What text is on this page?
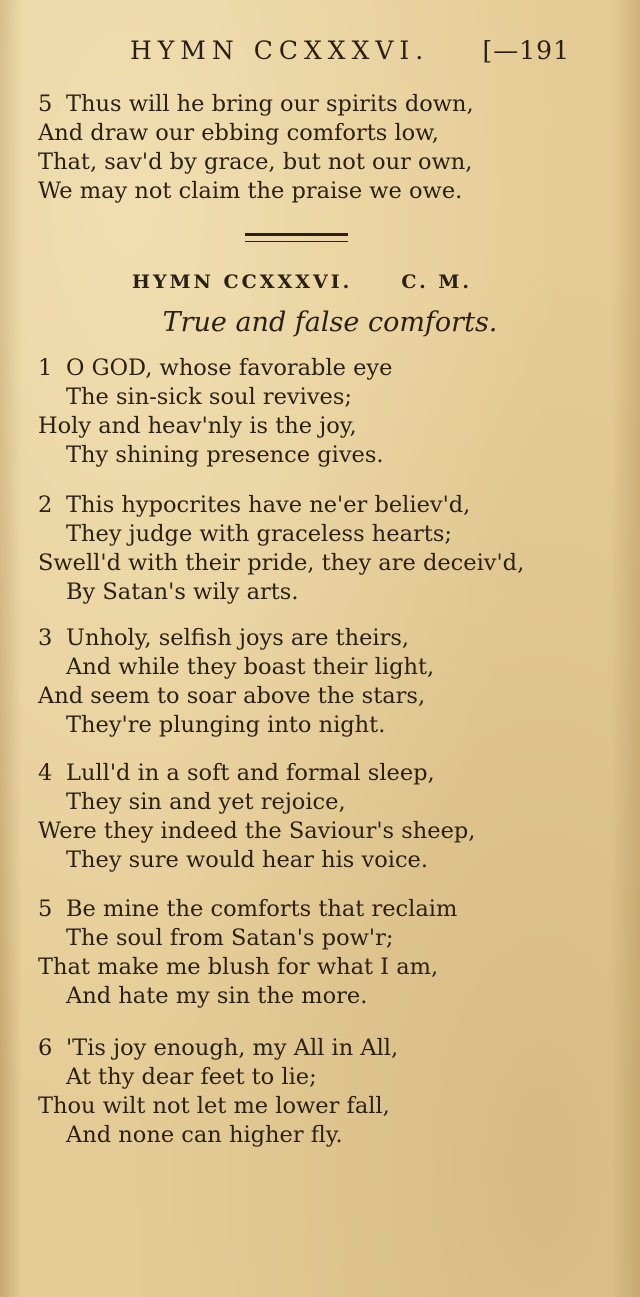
HYMN CCXXXVI. [—191
5 Thus will he bring our spirits down,
And draw our ebbing comforts low,
That, sav'd by grace, but not our own,
We may not claim the praise we owe.
HYMN CCXXXVI.	C. M.
True and false comforts.
1 O GOD, whose favorable eye
The sin-sick soul revives;
Holy and heav'nly is the joy,
Thy shining presence gives.
2 This hypocrites have ne'er believ'd,
They judge with graceless hearts;
Swell'd with their pride, they are deceiv'd,
By Satan's wily arts.
3 Unholy, selfish joys are theirs,
And while they boast their light,
And seem to soar above the stars,
They're plunging into night.
4 Lull'd in a soft and formal sleep,
They sin and yet rejoice,
Were they indeed the Saviour's sheep,
They sure would hear his voice.
5 Be mine the comforts that reclaim
The soul from Satan's pow'r;
That make me blush for what I am,
And hate my sin the more.
6 'Tis joy enough, my All in All,
At thy dear feet to lie;
Thou wilt not let me lower fall,
And none can higher fly.
